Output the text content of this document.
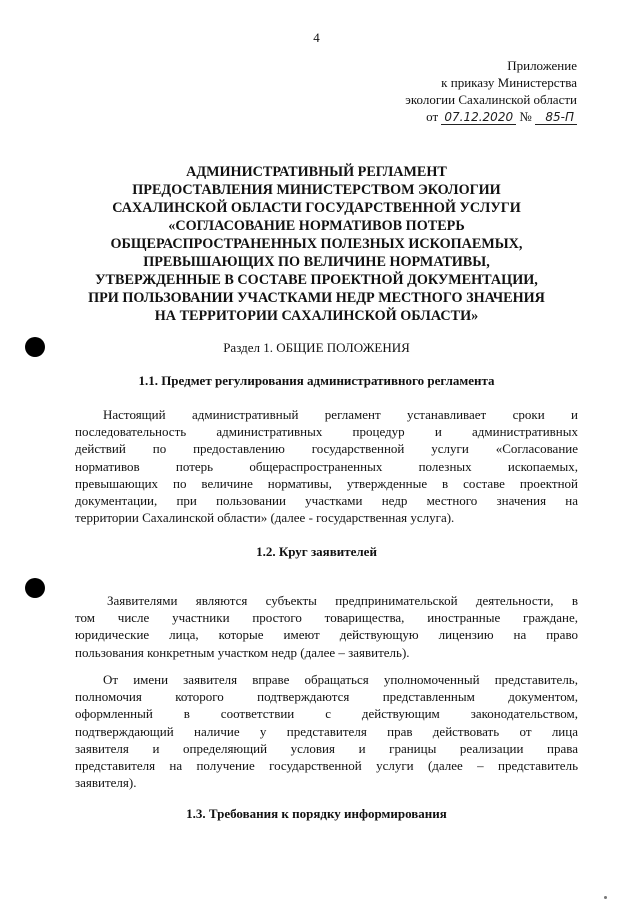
4
Приложение
к приказу Министерства
экологии Сахалинской области
от 07.12.2020 № 85-П
АДМИНИСТРАТИВНЫЙ РЕГЛАМЕНТ
ПРЕДОСТАВЛЕНИЯ МИНИСТЕРСТВОМ ЭКОЛОГИИ
САХАЛИНСКОЙ ОБЛАСТИ ГОСУДАРСТВЕННОЙ УСЛУГИ
«СОГЛАСОВАНИЕ НОРМАТИВОВ ПОТЕРЬ
ОБЩЕРАСПРОСТРАНЕННЫХ ПОЛЕЗНЫХ ИСКОПАЕМЫХ,
ПРЕВЫШАЮЩИХ ПО ВЕЛИЧИНЕ НОРМАТИВЫ,
УТВЕРЖДЕННЫЕ В СОСТАВЕ ПРОЕКТНОЙ ДОКУМЕНТАЦИИ,
ПРИ ПОЛЬЗОВАНИИ УЧАСТКАМИ НЕДР МЕСТНОГО ЗНАЧЕНИЯ
НА ТЕРРИТОРИИ САХАЛИНСКОЙ ОБЛАСТИ»
Раздел 1. ОБЩИЕ ПОЛОЖЕНИЯ
1.1. Предмет регулирования административного регламента
Настоящий административный регламент устанавливает сроки и
последовательность административных процедур и административных
действий по предоставлению государственной услуги «Согласование
нормативов потерь общераспространенных полезных ископаемых,
превышающих по величине нормативы, утвержденные в составе проектной
документации, при пользовании участками недр местного значения на
территории Сахалинской области» (далее - государственная услуга).
1.2. Круг заявителей
Заявителями являются субъекты предпринимательской деятельности, в
том числе участники простого товарищества, иностранные граждане,
юридические лица, которые имеют действующую лицензию на право
пользования конкретным участком недр (далее – заявитель).
От имени заявителя вправе обращаться уполномоченный представитель,
полномочия которого подтверждаются представленным документом,
оформленный в соответствии с действующим законодательством,
подтверждающий наличие у представителя прав действовать от лица
заявителя и определяющий условия и границы реализации права
представителя на получение государственной услуги (далее – представитель
заявителя).
1.3. Требования к порядку информирования
